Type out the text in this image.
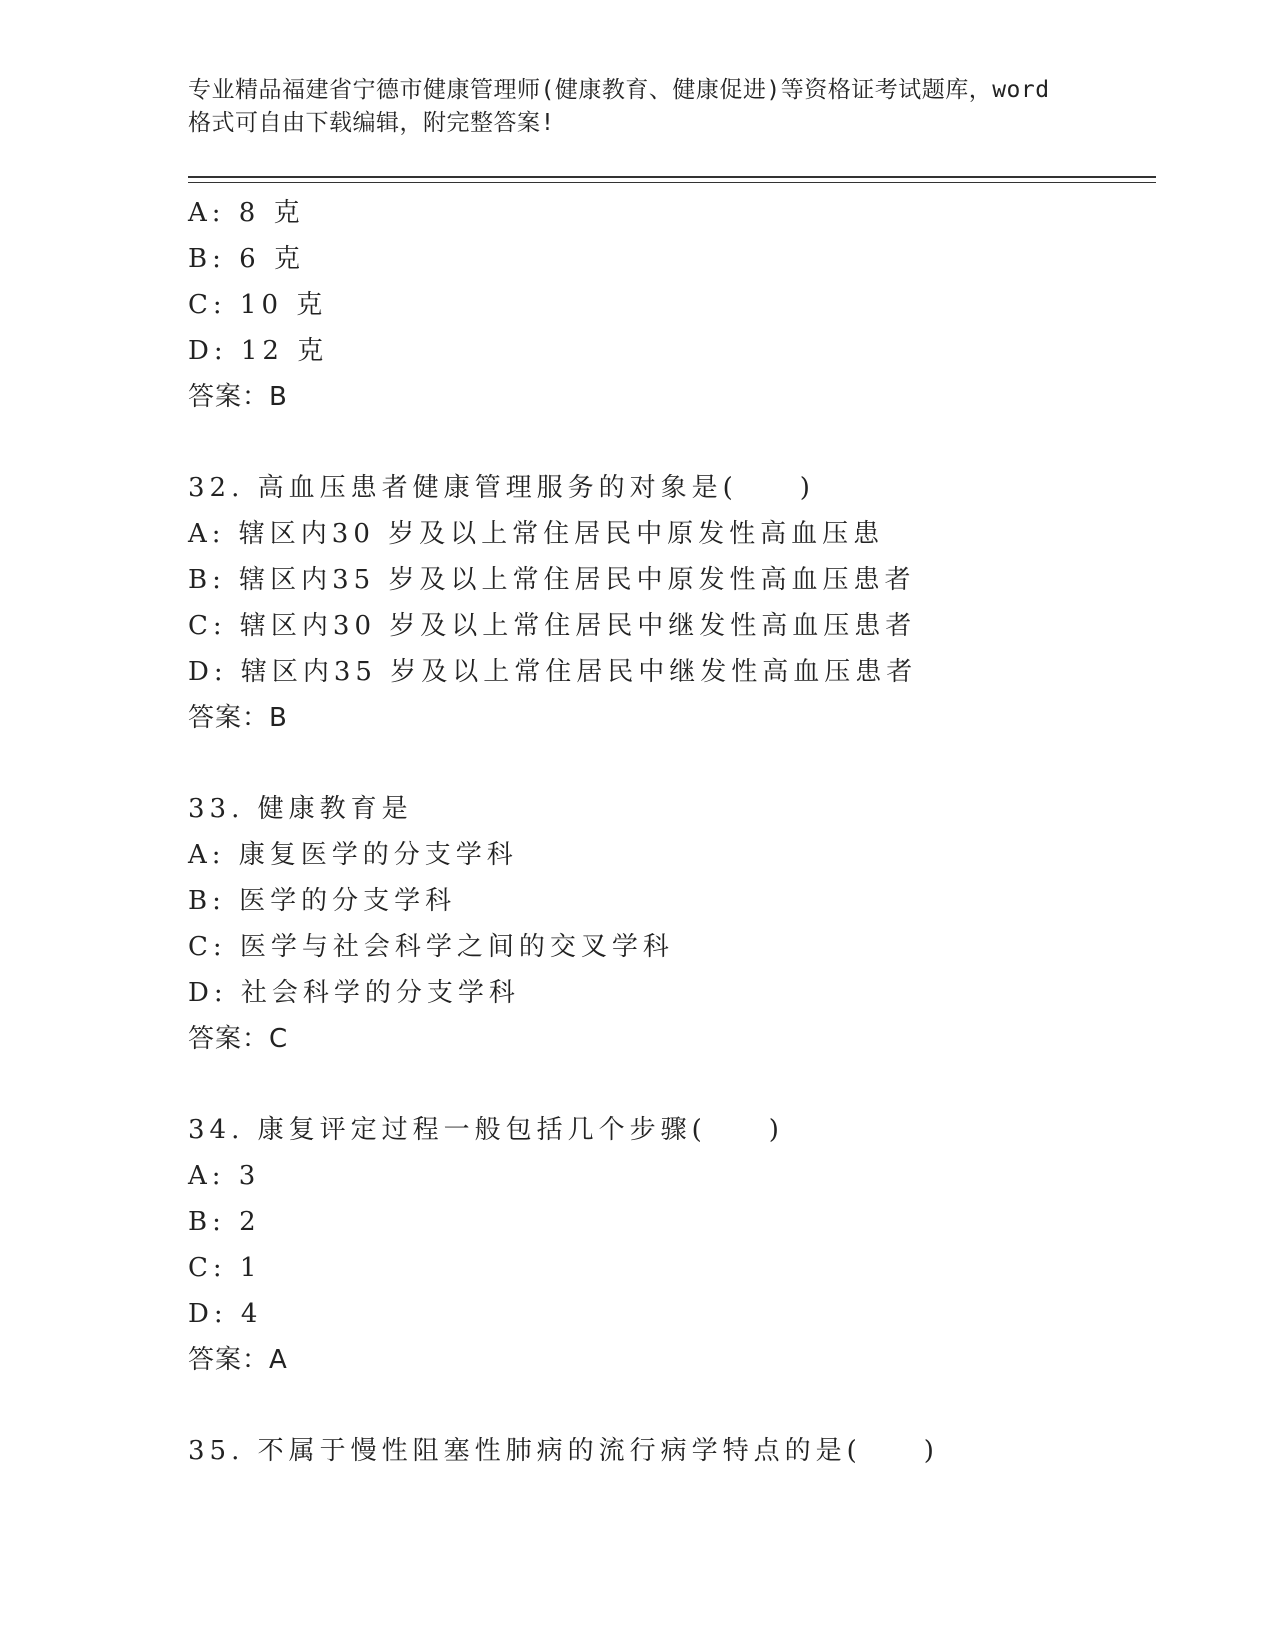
专业精品福建省宁德市健康管理师(健康教育、健康促进)等资格证考试题库，word
格式可自由下载编辑，附完整答案!
A: 8 克
B: 6 克
C: 10 克
D: 12 克
答案：B
32. 高血压患者健康管理服务的对象是(　　)
A: 辖区内30 岁及以上常住居民中原发性高血压患
B: 辖区内35 岁及以上常住居民中原发性高血压患者
C: 辖区内30 岁及以上常住居民中继发性高血压患者
D: 辖区内35 岁及以上常住居民中继发性高血压患者
答案：B
33. 健康教育是
A: 康复医学的分支学科
B: 医学的分支学科
C: 医学与社会科学之间的交叉学科
D: 社会科学的分支学科
答案：C
34. 康复评定过程一般包括几个步骤(　　)
A: 3
B: 2
C: 1
D: 4
答案：A
35. 不属于慢性阻塞性肺病的流行病学特点的是(　　)
